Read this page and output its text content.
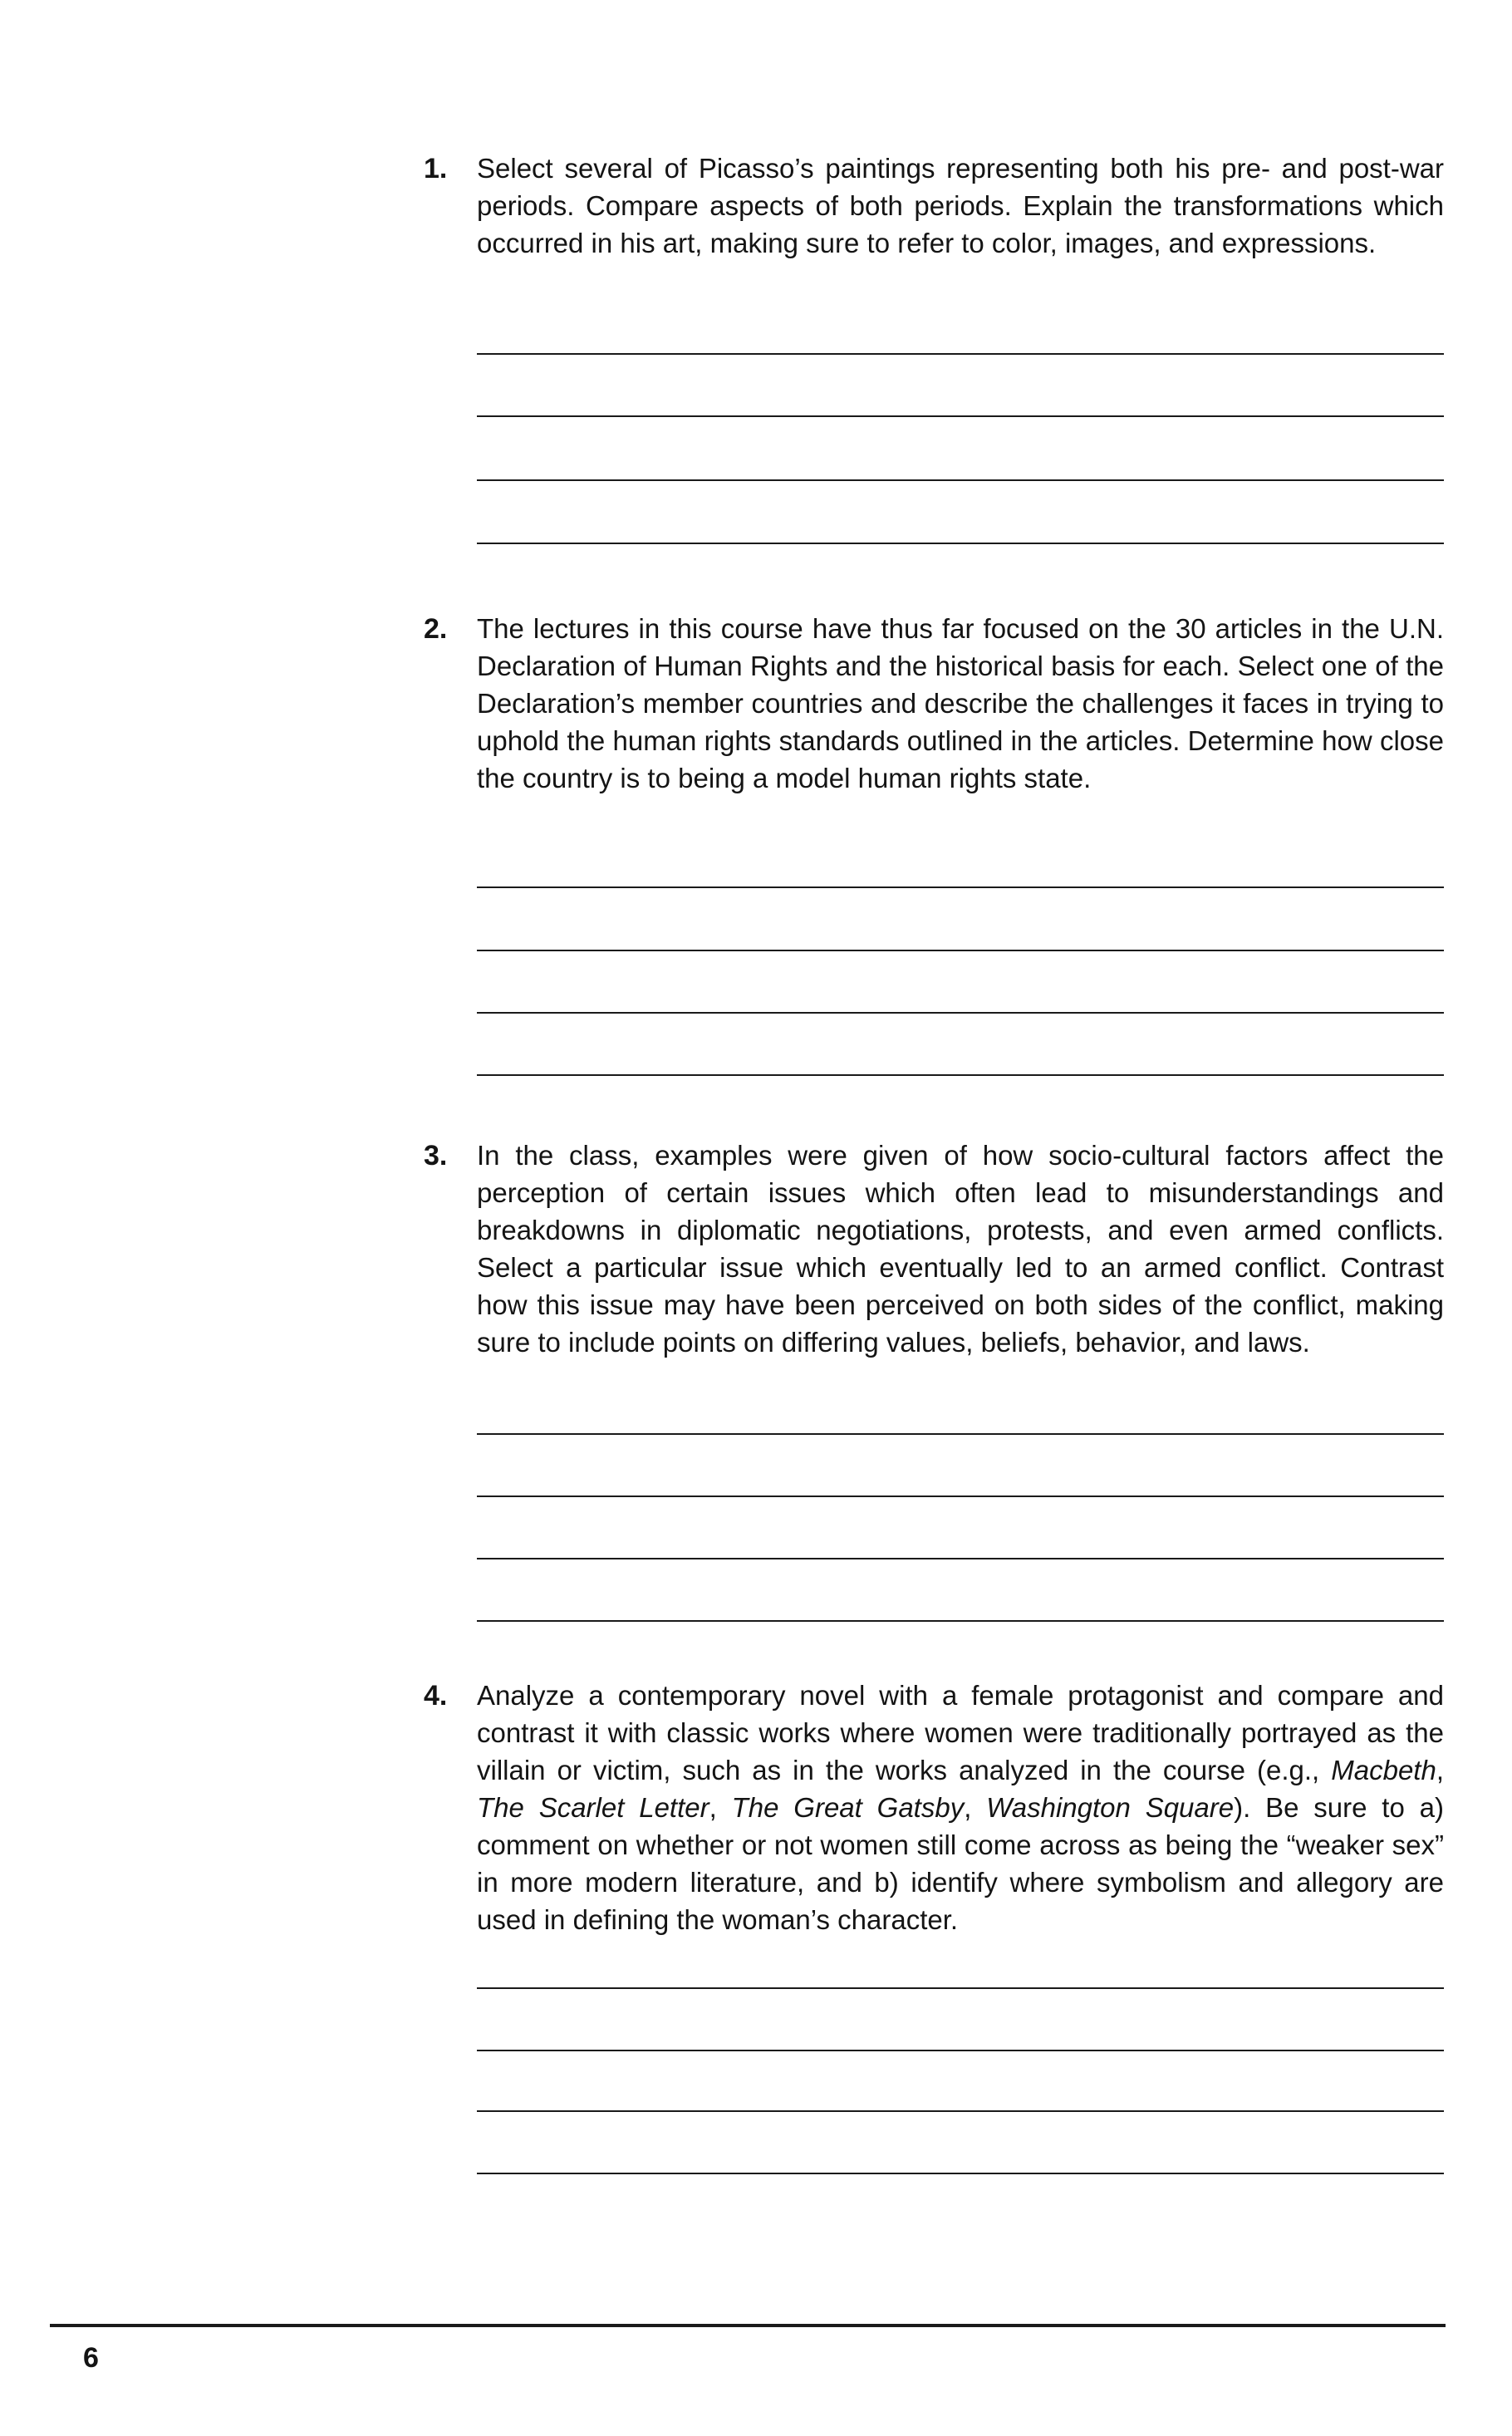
1. Select several of Picasso’s paintings representing both his pre- and post-war periods. Compare aspects of both periods. Explain the transformations which occurred in his art, making sure to refer to color, images, and expressions.
2. The lectures in this course have thus far focused on the 30 articles in the U.N. Declaration of Human Rights and the historical basis for each. Select one of the Declaration’s member countries and describe the challenges it faces in trying to uphold the human rights standards outlined in the articles. Determine how close the country is to being a model human rights state.
3. In the class, examples were given of how socio-cultural factors affect the perception of certain issues which often lead to misunderstandings and breakdowns in diplomatic negotiations, protests, and even armed conflicts. Select a particular issue which eventually led to an armed conflict. Contrast how this issue may have been perceived on both sides of the conflict, making sure to include points on differing values, beliefs, behavior, and laws.
4. Analyze a contemporary novel with a female protagonist and compare and contrast it with classic works where women were traditionally portrayed as the villain or victim, such as in the works analyzed in the course (e.g., Macbeth, The Scarlet Letter, The Great Gatsby, Washington Square). Be sure to a) comment on whether or not women still come across as being the “weaker sex” in more modern literature, and b) identify where symbolism and allegory are used in defining the woman’s character.
6
